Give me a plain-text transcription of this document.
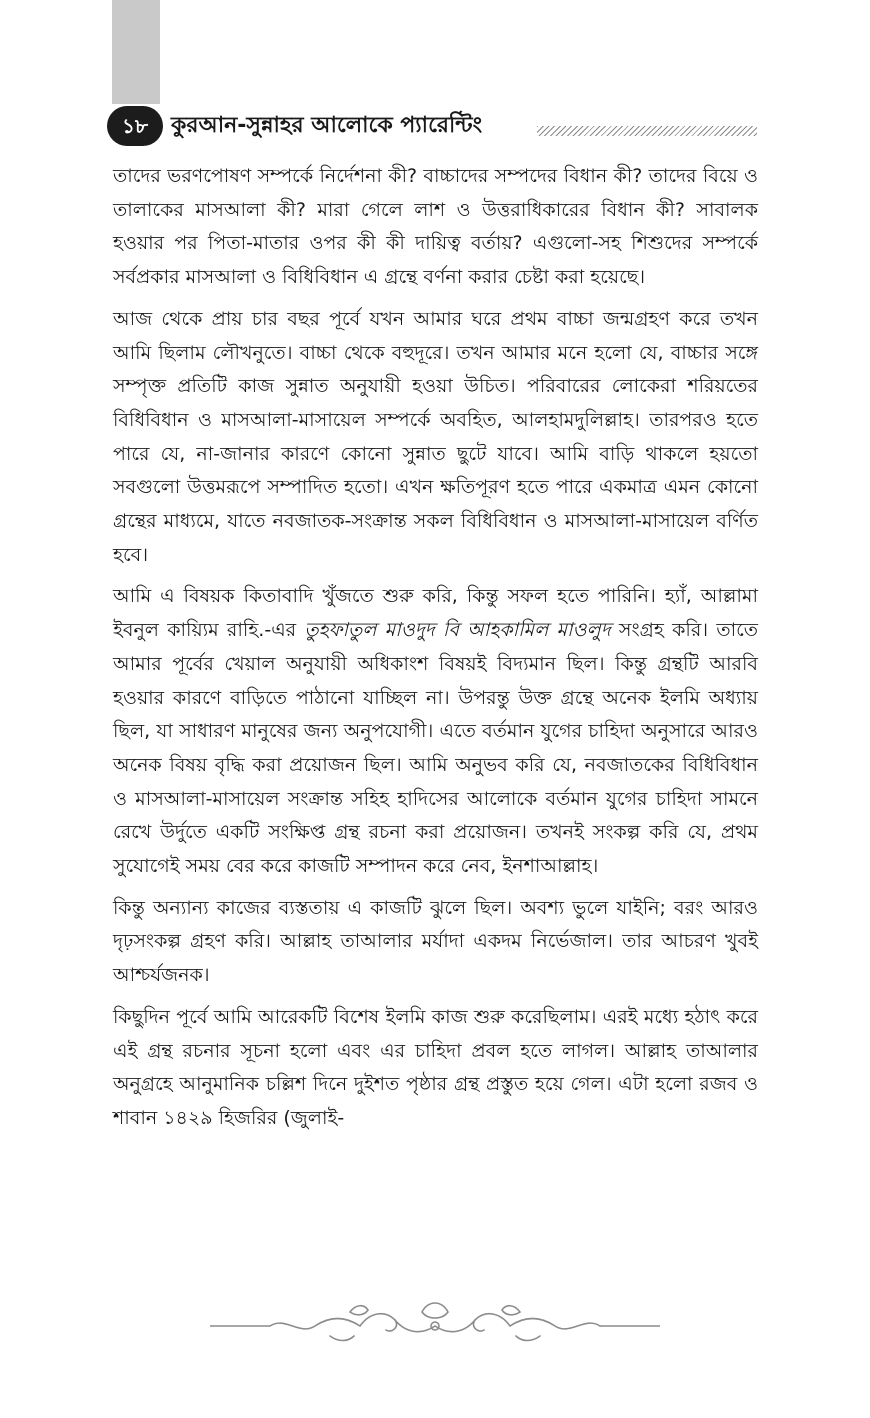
১৮	কুরআন-সুন্নাহর আলোকে প্যারেন্টিং

তাদের ভরণপোষণ সম্পর্কে নির্দেশনা কী? বাচ্চাদের সম্পদের বিধান কী? তাদের বিয়ে ও তালাকের মাসআলা কী? মারা গেলে লাশ ও উত্তরাধিকারের বিধান কী? সাবালক হওয়ার পর পিতা-মাতার ওপর কী কী দায়িত্ব বর্তায়? এগুলো-সহ শিশুদের সম্পর্কে সর্বপ্রকার মাসআলা ও বিধিবিধান এ গ্রন্থে বর্ণনা করার চেষ্টা করা হয়েছে।

আজ থেকে প্রায় চার বছর পূর্বে যখন আমার ঘরে প্রথম বাচ্চা জন্মগ্রহণ করে তখন আমি ছিলাম লৌখনুতে। বাচ্চা থেকে বহুদূরে। তখন আমার মনে হলো যে, বাচ্চার সঙ্গে সম্পৃক্ত প্রতিটি কাজ সুন্নাত অনুযায়ী হওয়া উচিত। পরিবারের লোকেরা শরিয়তের বিধিবিধান ও মাসআলা-মাসায়েল সম্পর্কে অবহিত, আলহামদুলিল্লাহ। তারপরও হতে পারে যে, না-জানার কারণে কোনো সুন্নাত ছুটে যাবে। আমি বাড়ি থাকলে হয়তো সবগুলো উত্তমরূপে সম্পাদিত হতো। এখন ক্ষতিপূরণ হতে পারে একমাত্র এমন কোনো গ্রন্থের মাধ্যমে, যাতে নবজাতক-সংক্রান্ত সকল বিধিবিধান ও মাসআলা-মাসায়েল বর্ণিত হবে।

আমি এ বিষয়ক কিতাবাদি খুঁজতে শুরু করি, কিন্তু সফল হতে পারিনি। হ্যাঁ, আল্লামা ইবনুল কায়্যিম রাহি.-এর তুহফাতুল মাওদুদ বি আহকামিল মাওলুদ সংগ্রহ করি। তাতে আমার পূর্বের খেয়াল অনুযায়ী অধিকাংশ বিষয়ই বিদ্যমান ছিল। কিন্তু গ্রন্থটি আরবি হওয়ার কারণে বাড়িতে পাঠানো যাচ্ছিল না। উপরন্তু উক্ত গ্রন্থে অনেক ইলমি অধ্যায় ছিল, যা সাধারণ মানুষের জন্য অনুপযোগী। এতে বর্তমান যুগের চাহিদা অনুসারে আরও অনেক বিষয় বৃদ্ধি করা প্রয়োজন ছিল। আমি অনুভব করি যে, নবজাতকের বিধিবিধান ও মাসআলা-মাসায়েল সংক্রান্ত সহিহ হাদিসের আলোকে বর্তমান যুগের চাহিদা সামনে রেখে উর্দুতে একটি সংক্ষিপ্ত গ্রন্থ রচনা করা প্রয়োজন। তখনই সংকল্প করি যে, প্রথম সুযোগেই সময় বের করে কাজটি সম্পাদন করে নেব, ইনশাআল্লাহ।

কিন্তু অন্যান্য কাজের ব্যস্ততায় এ কাজটি ঝুলে ছিল। অবশ্য ভুলে যাইনি; বরং আরও দৃঢ়সংকল্প গ্রহণ করি। আল্লাহ তাআলার মর্যাদা একদম নির্ভেজাল। তার আচরণ খুবই আশ্চর্যজনক।

কিছুদিন পূর্বে আমি আরেকটি বিশেষ ইলমি কাজ শুরু করেছিলাম। এরই মধ্যে হঠাৎ করে এই গ্রন্থ রচনার সূচনা হলো এবং এর চাহিদা প্রবল হতে লাগল। আল্লাহ তাআলার অনুগ্রহে আনুমানিক চল্লিশ দিনে দুইশত পৃষ্ঠার গ্রন্থ প্রস্তুত হয়ে গেল। এটা হলো রজব ও শাবান ১৪২৯ হিজরির (জুলাই-
